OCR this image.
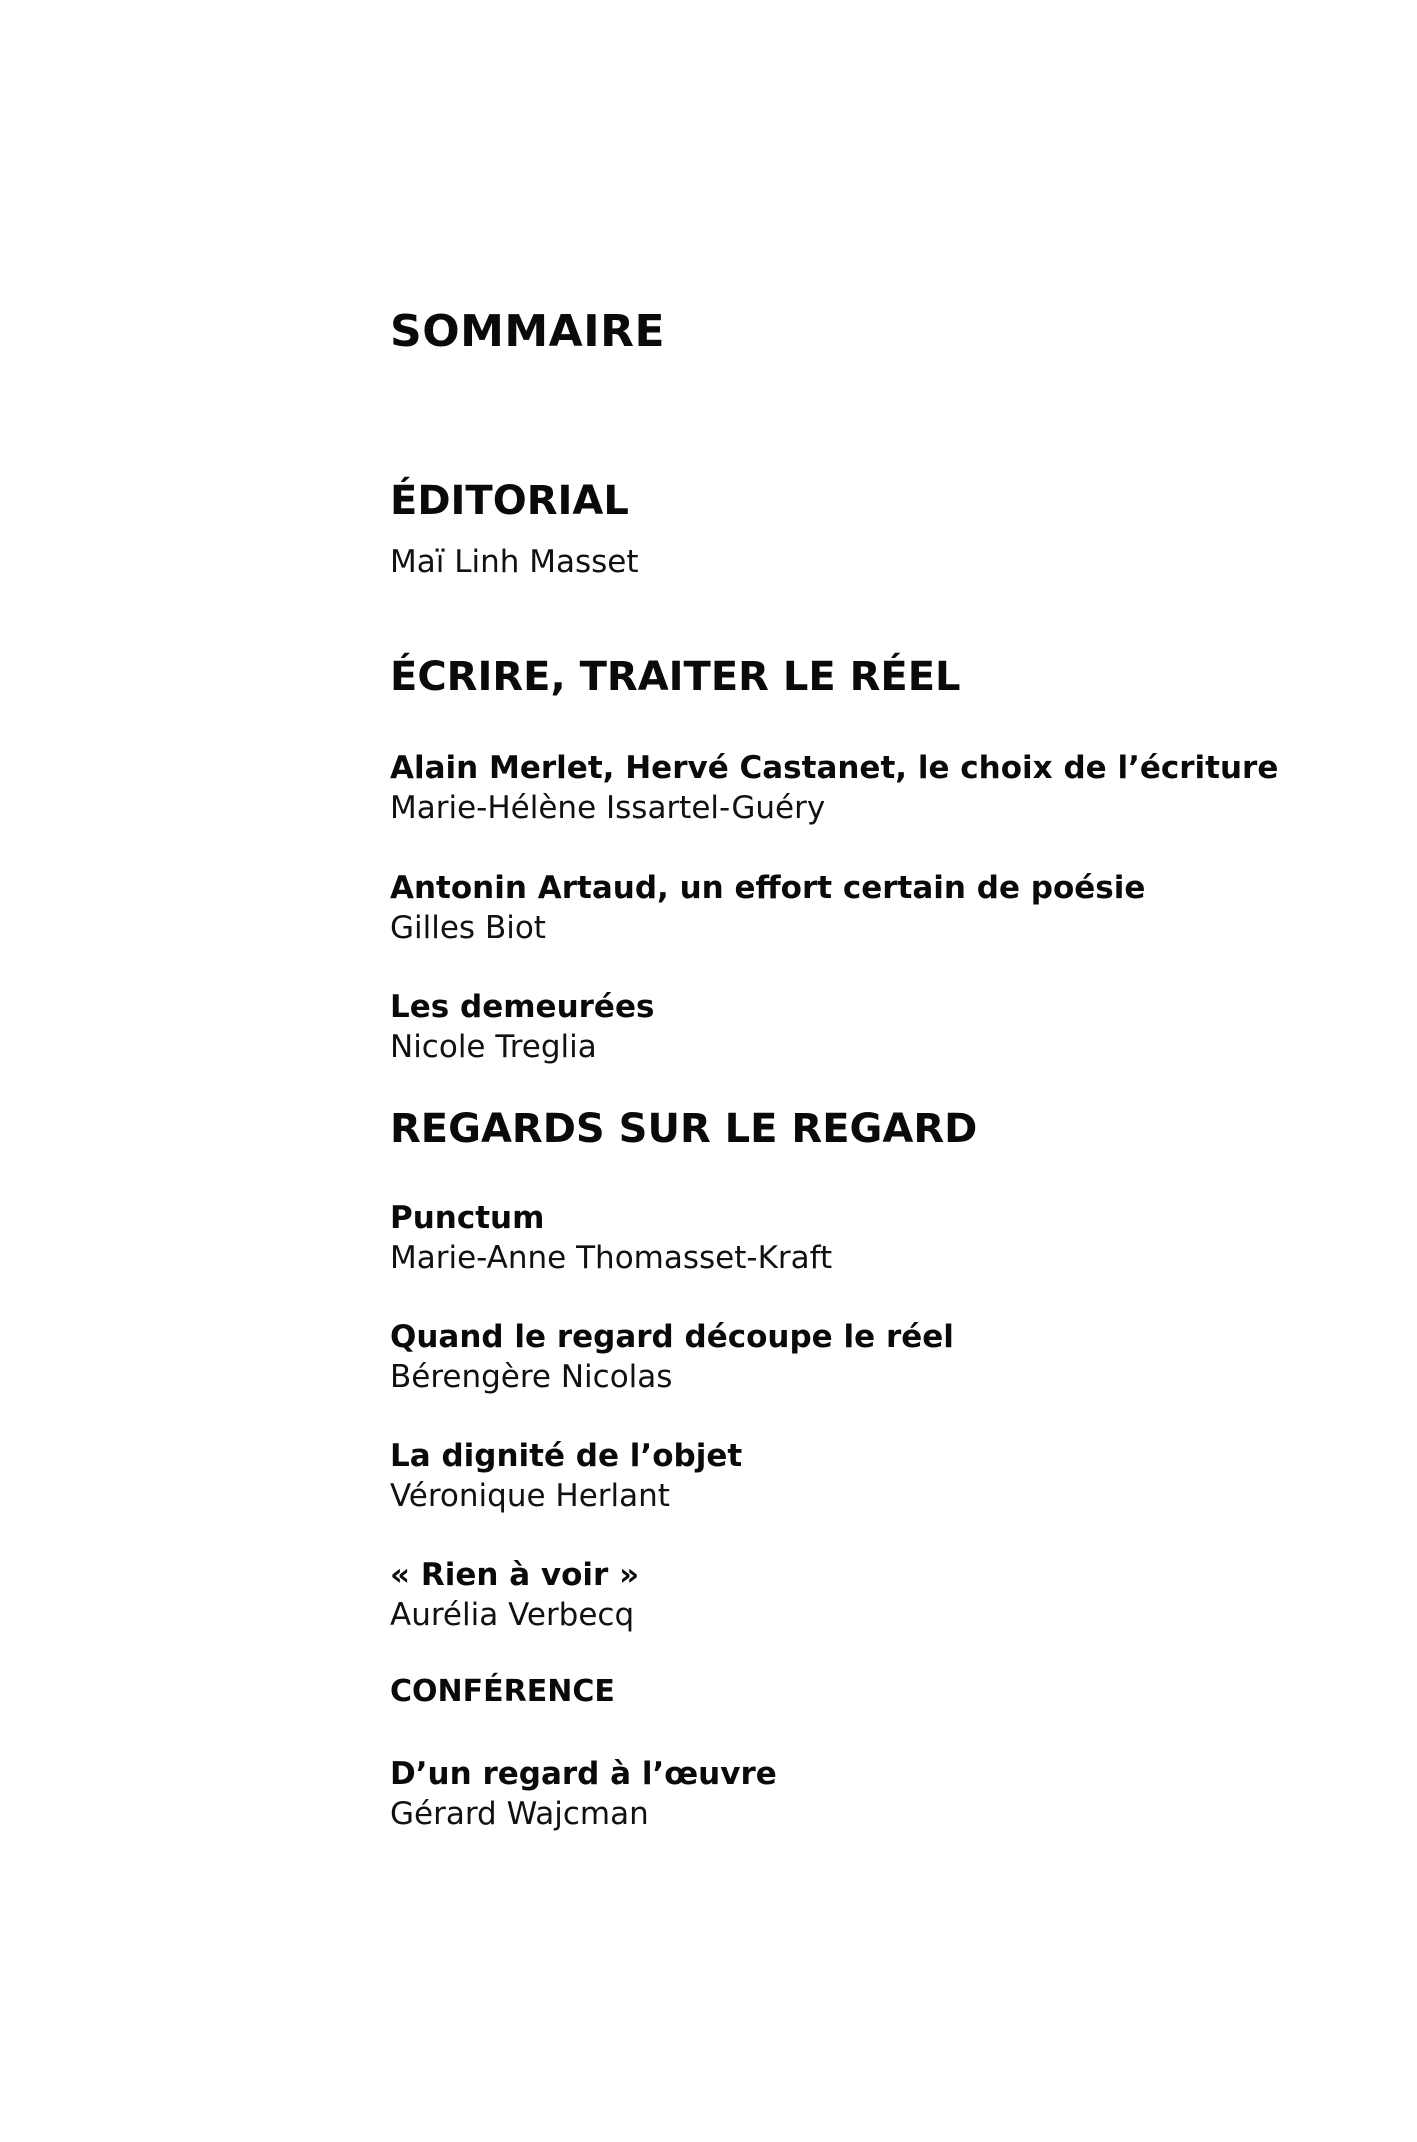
SOMMAIRE
ÉDITORIAL
Maï Linh Masset
ÉCRIRE, TRAITER LE RÉEL
Alain Merlet, Hervé Castanet, le choix de l’écriture
Marie-Hélène Issartel-Guéry
Antonin Artaud, un effort certain de poésie
Gilles Biot
Les demeurées
Nicole Treglia
REGARDS SUR LE REGARD
Punctum
Marie-Anne Thomasset-Kraft
Quand le regard découpe le réel
Bérengère Nicolas
La dignité de l’objet
Véronique Herlant
« Rien à voir »
Aurélia Verbecq
CONFÉRENCE
D’un regard à l’œuvre
Gérard Wajcman
